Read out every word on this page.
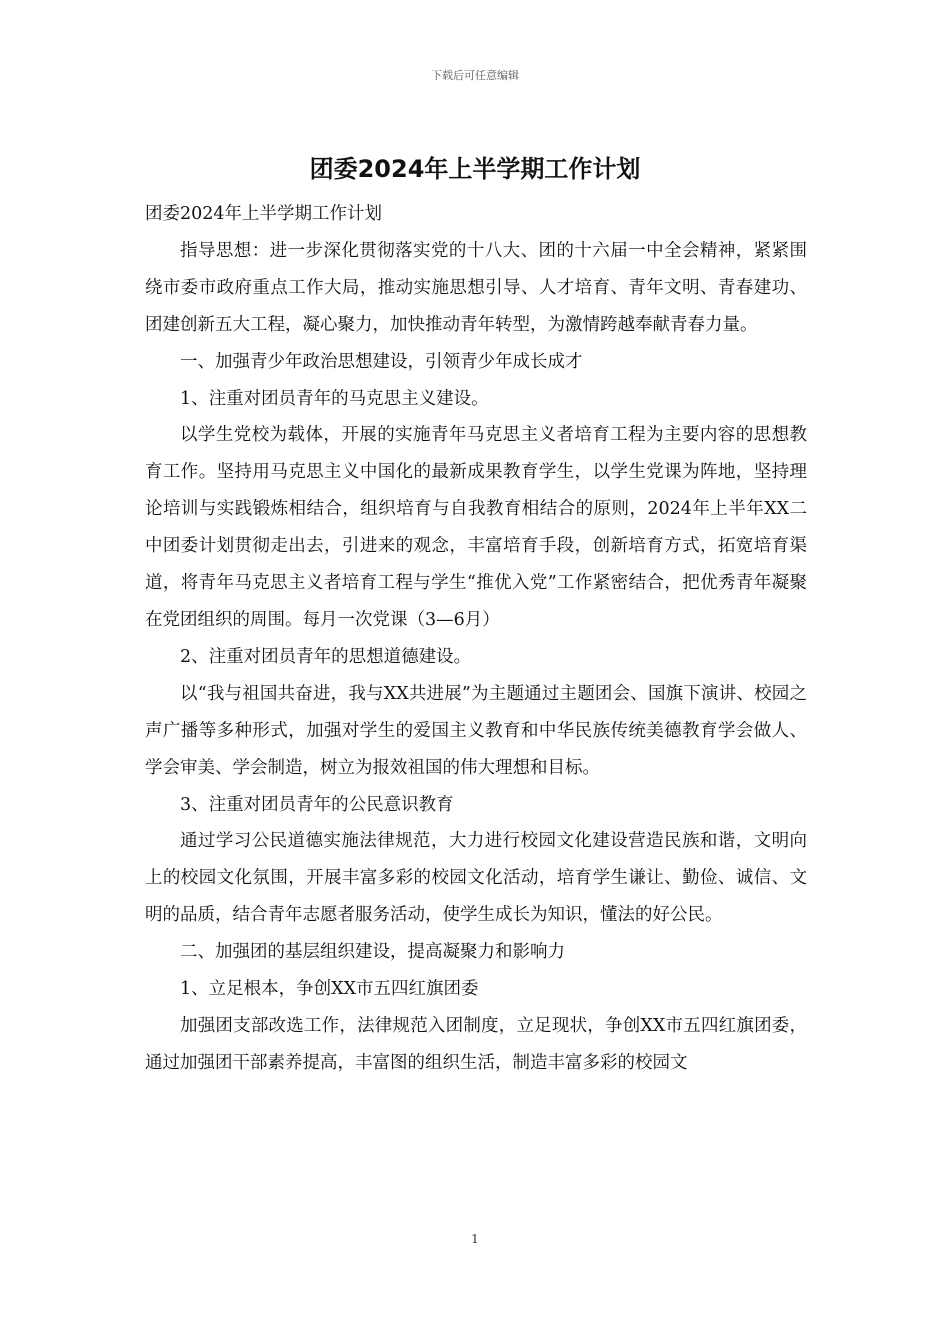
下载后可任意编辑
团委2024年上半学期工作计划

团委2024年上半学期工作计划

指导思想：进一步深化贯彻落实党的十八大、团的十六届一中全会精神，紧紧围绕市委市政府重点工作大局，推动实施思想引导、人才培育、青年文明、青春建功、团建创新五大工程，凝心聚力，加快推动青年转型，为激情跨越奉献青春力量。

一、加强青少年政治思想建设，引领青少年成长成才

1、注重对团员青年的马克思主义建设。

以学生党校为载体，开展的实施青年马克思主义者培育工程为主要内容的思想教育工作。坚持用马克思主义中国化的最新成果教育学生，以学生党课为阵地，坚持理论培训与实践锻炼相结合，组织培育与自我教育相结合的原则，2024年上半年XX二中团委计划贯彻走出去，引进来的观念，丰富培育手段，创新培育方式，拓宽培育渠道，将青年马克思主义者培育工程与学生“推优入党”工作紧密结合，把优秀青年凝聚在党团组织的周围。每月一次党课（3—6月）

2、注重对团员青年的思想道德建设。

以“我与祖国共奋进，我与XX共进展”为主题通过主题团会、国旗下演讲、校园之声广播等多种形式，加强对学生的爱国主义教育和中华民族传统美德教育学会做人、学会审美、学会制造，树立为报效祖国的伟大理想和目标。

3、注重对团员青年的公民意识教育

通过学习公民道德实施法律规范，大力进行校园文化建设营造民族和谐，文明向上的校园文化氛围，开展丰富多彩的校园文化活动，培育学生谦让、勤俭、诚信、文明的品质，结合青年志愿者服务活动，使学生成长为知识，懂法的好公民。

二、加强团的基层组织建设，提高凝聚力和影响力

1、立足根本，争创XX市五四红旗团委

加强团支部改选工作，法律规范入团制度，立足现状，争创XX市五四红旗团委，通过加强团干部素养提高，丰富图的组织生活，制造丰富多彩的校园文

1
